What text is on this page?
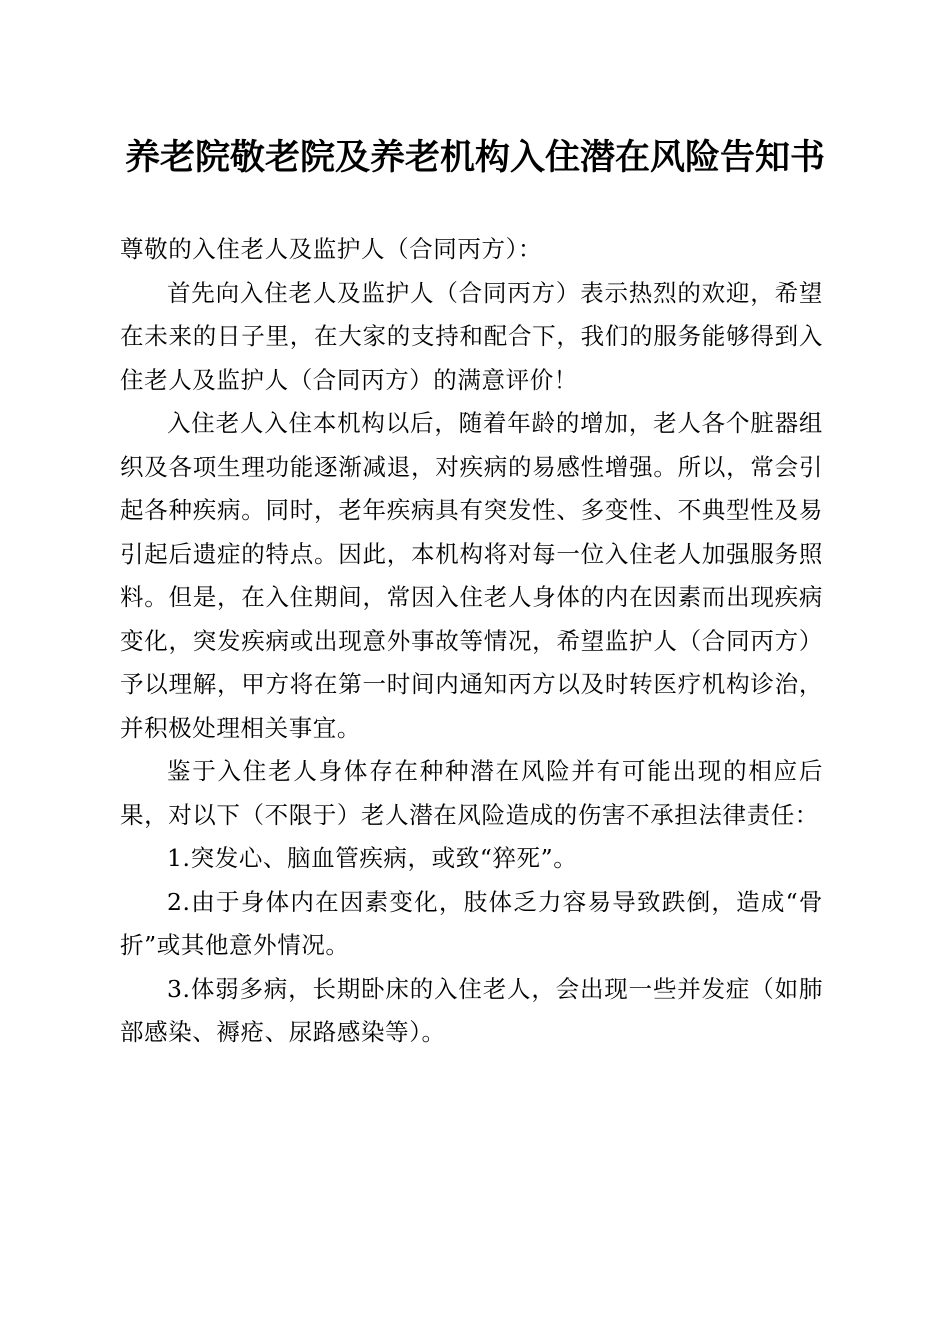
养老院敬老院及养老机构入住潜在风险告知书

尊敬的入住老人及监护人（合同丙方）：

首先向入住老人及监护人（合同丙方）表示热烈的欢迎，希望在未来的日子里，在大家的支持和配合下，我们的服务能够得到入住老人及监护人（合同丙方）的满意评价！

入住老人入住本机构以后，随着年龄的增加，老人各个脏器组织及各项生理功能逐渐减退，对疾病的易感性增强。所以，常会引起各种疾病。同时，老年疾病具有突发性、多变性、不典型性及易引起后遗症的特点。因此，本机构将对每一位入住老人加强服务照料。但是，在入住期间，常因入住老人身体的内在因素而出现疾病变化，突发疾病或出现意外事故等情况，希望监护人（合同丙方）予以理解，甲方将在第一时间内通知丙方以及时转医疗机构诊治，并积极处理相关事宜。

鉴于入住老人身体存在种种潜在风险并有可能出现的相应后果，对以下（不限于）老人潜在风险造成的伤害不承担法律责任：

1.突发心、脑血管疾病，或致“猝死”。

2.由于身体内在因素变化，肢体乏力容易导致跌倒，造成“骨折”或其他意外情况。

3.体弱多病，长期卧床的入住老人，会出现一些并发症（如肺部感染、褥疮、尿路感染等）。
